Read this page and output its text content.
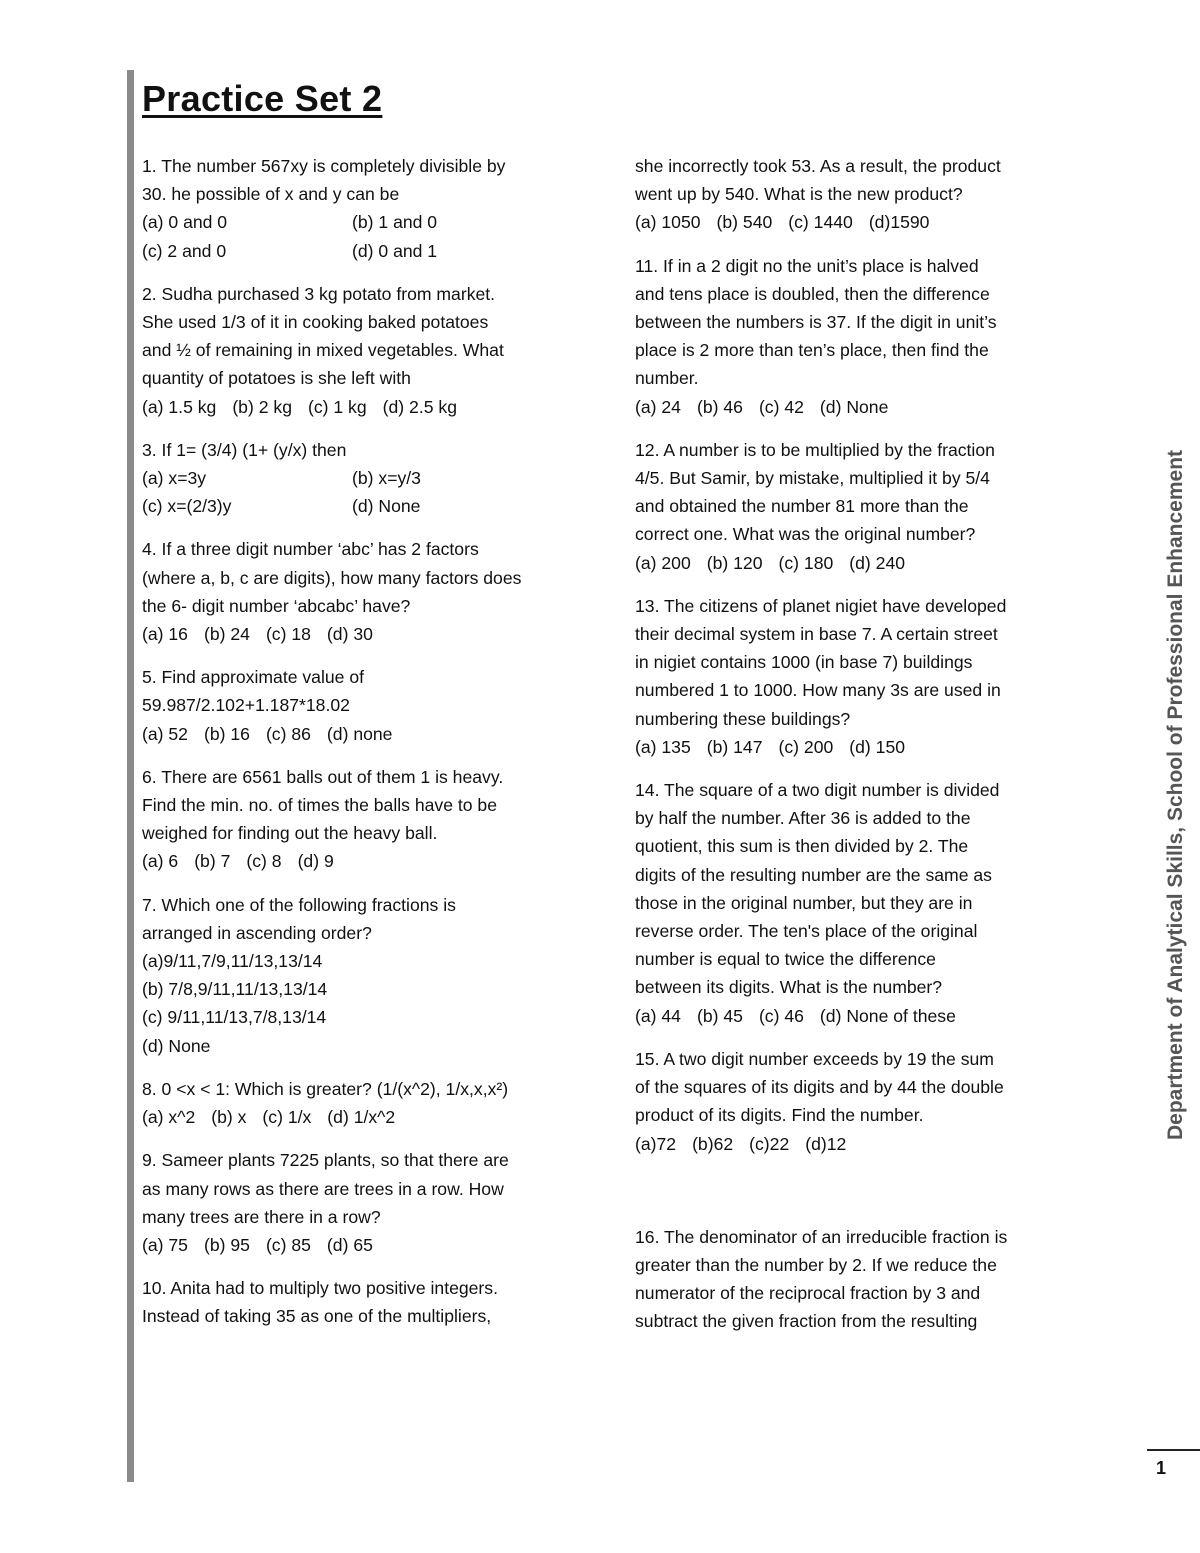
Practice Set 2
1. The number 567xy is completely divisible by
30. he possible of x and y can be
(a) 0 and 0	(b) 1 and 0
(c) 2 and 0	(d) 0 and 1
2. Sudha purchased 3 kg potato from market.
She used 1/3 of it in cooking baked potatoes
and ½ of remaining in mixed vegetables. What
quantity of potatoes is she left with
(a) 1.5 kg (b) 2 kg (c) 1 kg (d) 2.5 kg
3. If 1= (3/4) (1+ (y/x) then
(a) x=3y	(b) x=y/3
(c) x=(2/3)y	(d) None
4. If a three digit number ‘abc’ has 2 factors
(where a, b, c are digits), how many factors does
the 6- digit number ‘abcabc’ have?
(a) 16 (b) 24 (c) 18 (d) 30
5. Find approximate value of
59.987/2.102+1.187*18.02
(a) 52 (b) 16 (c) 86 (d) none
6. There are 6561 balls out of them 1 is heavy.
Find the min. no. of times the balls have to be
weighed for finding out the heavy ball.
(a) 6 (b) 7 (c) 8 (d) 9
7. Which one of the following fractions is
arranged in ascending order?
(a)9/11,7/9,11/13,13/14
(b) 7/8,9/11,11/13,13/14
(c) 9/11,11/13,7/8,13/14
(d) None
8. 0 <x < 1: Which is greater? (1/(x^2), 1/x,x,x²)
(a) x^2 (b) x (c) 1/x (d) 1/x^2
9. Sameer plants 7225 plants, so that there are
as many rows as there are trees in a row. How
many trees are there in a row?
(a) 75 (b) 95 (c) 85 (d) 65
10. Anita had to multiply two positive integers.
Instead of taking 35 as one of the multipliers,
she incorrectly took 53. As a result, the product
went up by 540. What is the new product?
(a) 1050 (b) 540 (c) 1440 (d)1590
11. If in a 2 digit no the unit’s place is halved
and tens place is doubled, then the difference
between the numbers is 37. If the digit in unit’s
place is 2 more than ten’s place, then find the
number.
(a) 24 (b) 46 (c) 42 (d) None
12. A number is to be multiplied by the fraction
4/5. But Samir, by mistake, multiplied it by 5/4
and obtained the number 81 more than the
correct one. What was the original number?
(a) 200 (b) 120 (c) 180 (d) 240
13. The citizens of planet nigiet have developed
their decimal system in base 7. A certain street
in nigiet contains 1000 (in base 7) buildings
numbered 1 to 1000. How many 3s are used in
numbering these buildings?
(a) 135 (b) 147 (c) 200 (d) 150
14. The square of a two digit number is divided
by half the number. After 36 is added to the
quotient, this sum is then divided by 2. The
digits of the resulting number are the same as
those in the original number, but they are in
reverse order. The ten's place of the original
number is equal to twice the difference
between its digits. What is the number?
(a) 44 (b) 45 (c) 46 (d) None of these
15. A two digit number exceeds by 19 the sum
of the squares of its digits and by 44 the double
product of its digits. Find the number.
(a)72 (b)62 (c)22 (d)12
16. The denominator of an irreducible fraction is
greater than the number by 2. If we reduce the
numerator of the reciprocal fraction by 3 and
subtract the given fraction from the resulting
Department of Analytical Skills, School of Professional Enhancement
1
